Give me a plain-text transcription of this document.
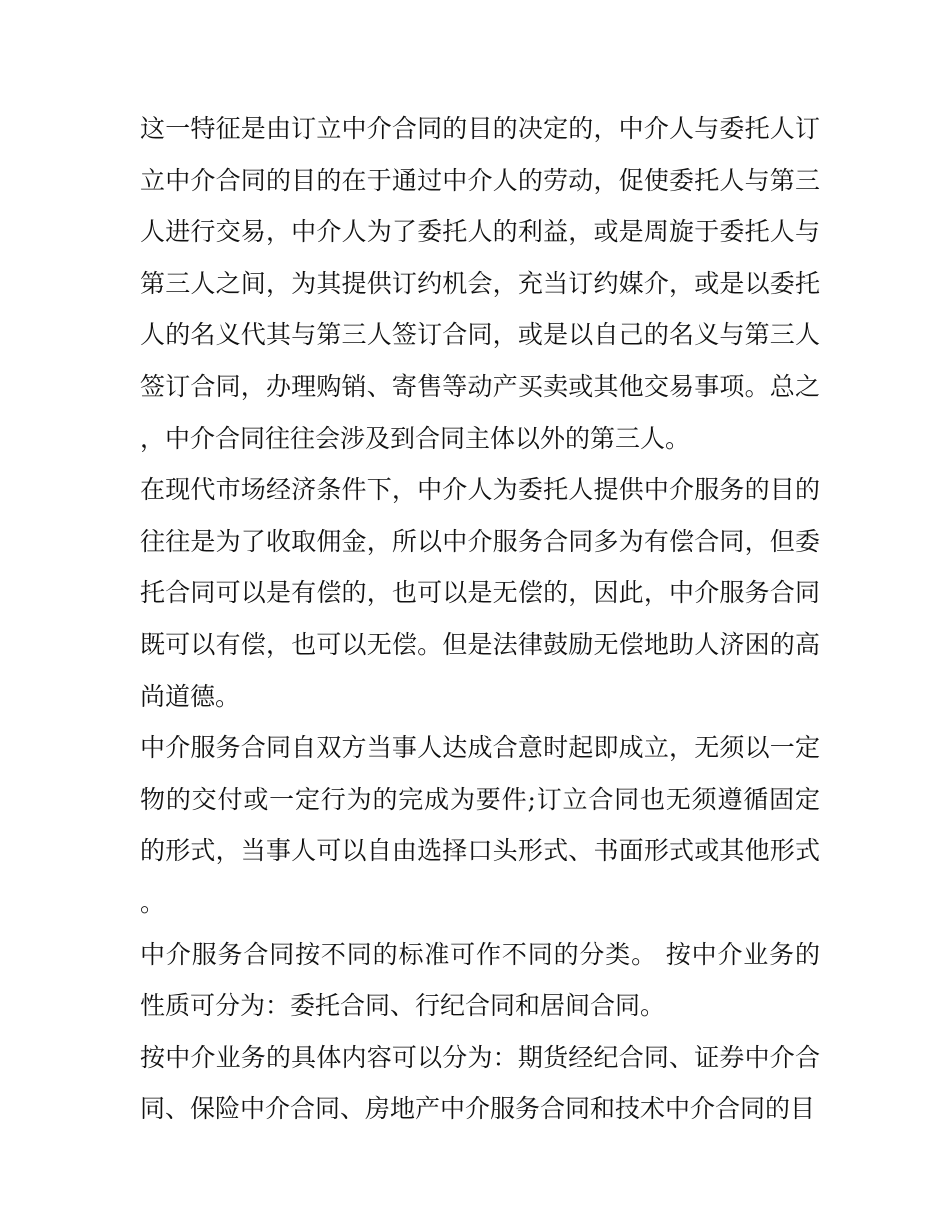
这一特征是由订立中介合同的目的决定的，中介人与委托人订立中介合同的目的在于通过中介人的劳动，促使委托人与第三人进行交易，中介人为了委托人的利益，或是周旋于委托人与第三人之间，为其提供订约机会，充当订约媒介，或是以委托人的名义代其与第三人签订合同，或是以自己的名义与第三人签订合同，办理购销、寄售等动产买卖或其他交易事项。总之，中介合同往往会涉及到合同主体以外的第三人。

在现代市场经济条件下，中介人为委托人提供中介服务的目的往往是为了收取佣金，所以中介服务合同多为有偿合同，但委托合同可以是有偿的，也可以是无偿的，因此，中介服务合同既可以有偿，也可以无偿。但是法律鼓励无偿地助人济困的高尚道德。

中介服务合同自双方当事人达成合意时起即成立，无须以一定物的交付或一定行为的完成为要件;订立合同也无须遵循固定的形式，当事人可以自由选择口头形式、书面形式或其他形式。

中介服务合同按不同的标准可作不同的分类。 按中介业务的性质可分为：委托合同、行纪合同和居间合同。

按中介业务的具体内容可以分为：期货经纪合同、证券中介合同、保险中介合同、房地产中介服务合同和技术中介合同的目
